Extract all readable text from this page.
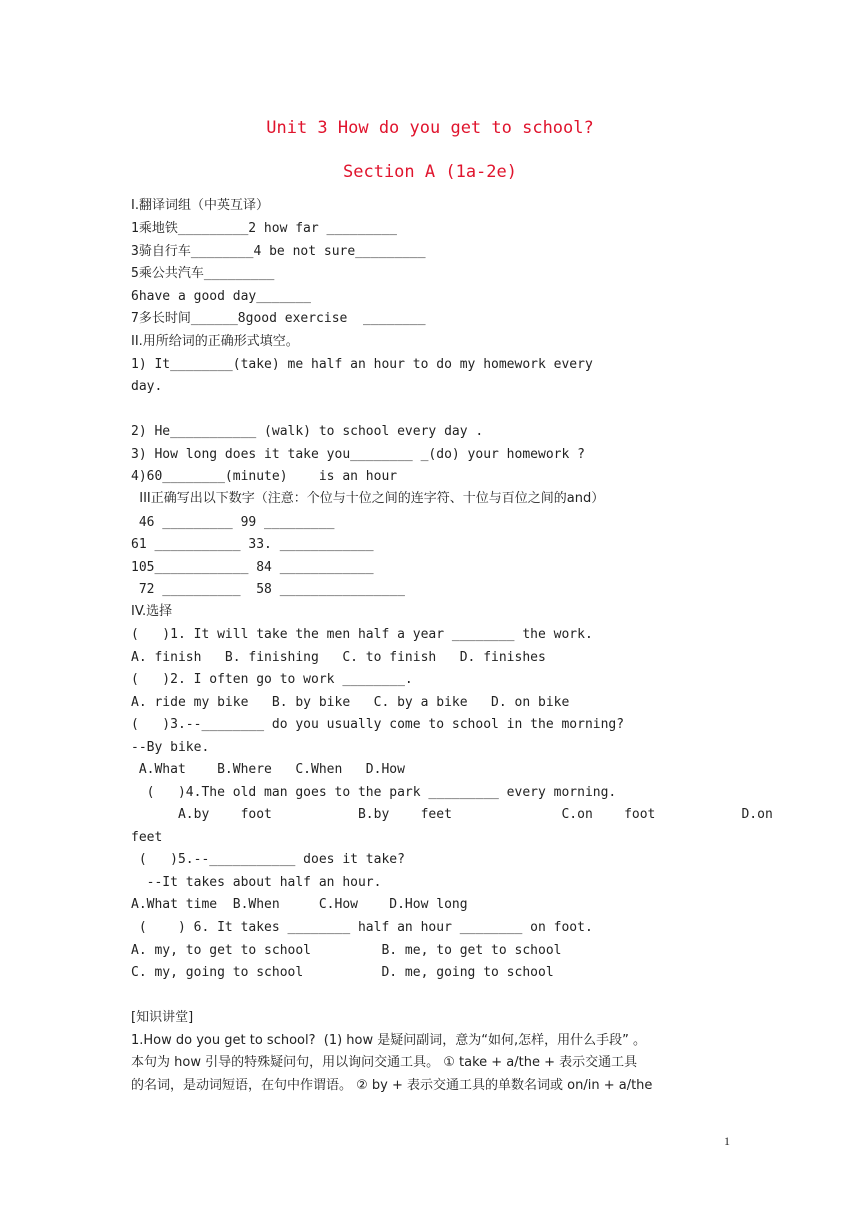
Unit 3 How do you get to school?
Section A (1a-2e)
I.翻译词组（中英互译）
1乘地铁_________2 how far _________
3骑自行车________4 be not sure_________
5乘公共汽车_________
6have a good day_______
7多长时间______8good exercise  ________
II.用所给词的正确形式填空。
1) It________(take) me half an hour to do my homework every
day.
2) He___________ (walk) to school every day .
3) How long does it take you________ _(do) your homework ?
4)60________(minute)    is an hour
III正确写出以下数字（注意：个位与十位之间的连字符、十位与百位之间的and）
46 _________ 99 _________
61 ___________ 33. ____________
105____________ 84 ____________
72 __________  58 ________________
IV.选择
(   )1. It will take the men half a year ________ the work.
A. finish   B. finishing   C. to finish   D. finishes
(   )2. I often go to work ________.
A. ride my bike   B. by bike   C. by a bike   D. on bike
(   )3.--________ do you usually come to school in the morning?
--By bike.
A.What    B.Where   C.When   D.How
(   )4.The old man goes to the park _________ every morning.
A.by    foot           B.by    feet              C.on    foot           D.on
feet
(   )5.--___________ does it take?
--It takes about half an hour.
A.What time  B.When     C.How    D.How long
(    ) 6. It takes ________ half an hour ________ on foot.
A. my, to get to school         B. me, to get to school
C. my, going to school          D. me, going to school
[知识讲堂]
1.How do you get to school?  (1) how 是疑问副词，意为“如何,怎样，用什么手段” 。
本句为 how 引导的特殊疑问句，用以询问交通工具。 ① take + a/the + 表示交通工具
的名词，是动词短语，在句中作谓语。 ② by + 表示交通工具的单数名词或 on/in + a/the
1
